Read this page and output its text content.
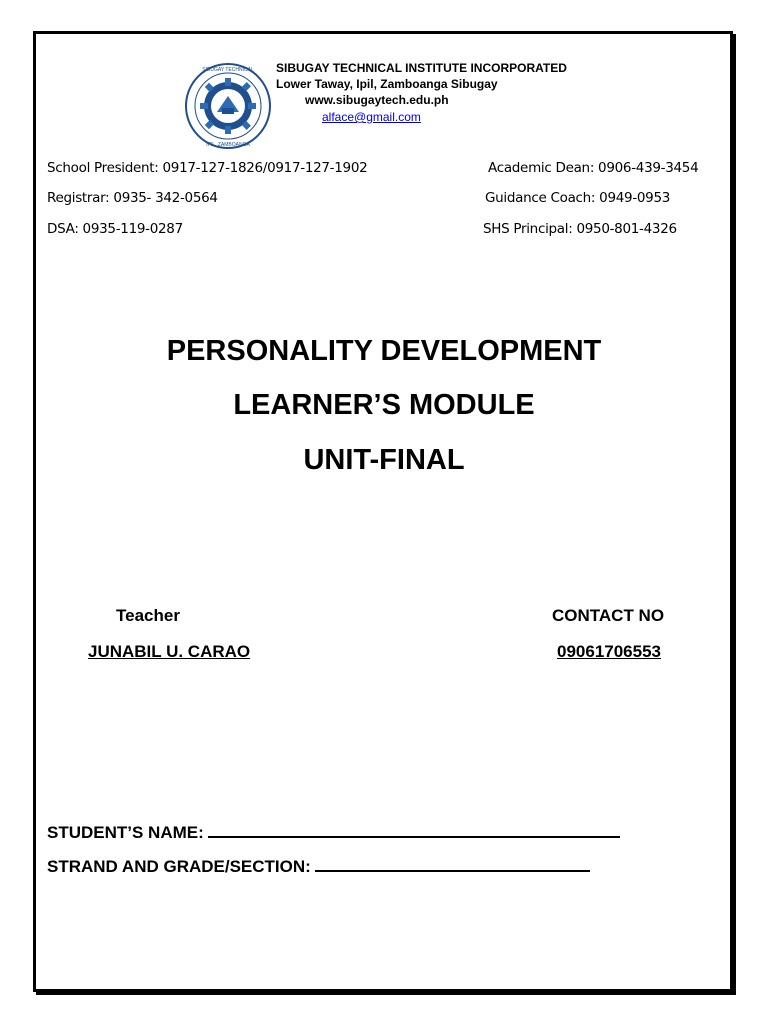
SIBUGAY TECHNICAL
IPIL, ZAMBOANGA
SIBUGAY TECHNICAL INSTITUTE INCORPORATED
Lower Taway, Ipil, Zamboanga Sibugay
www.sibugaytech.edu.ph
alface@gmail.com
School President: 0917-127-1826/0917-127-1902	Academic Dean: 0906-439-3454
Registrar: 0935- 342-0564	Guidance Coach: 0949-0953
DSA: 0935-119-0287	SHS Principal: 0950-801-4326
PERSONALITY DEVELOPMENT
LEARNER’S MODULE
UNIT-FINAL
Teacher	CONTACT NO
JUNABIL U. CARAO	09061706553
STUDENT’S NAME:
STRAND AND GRADE/SECTION:
